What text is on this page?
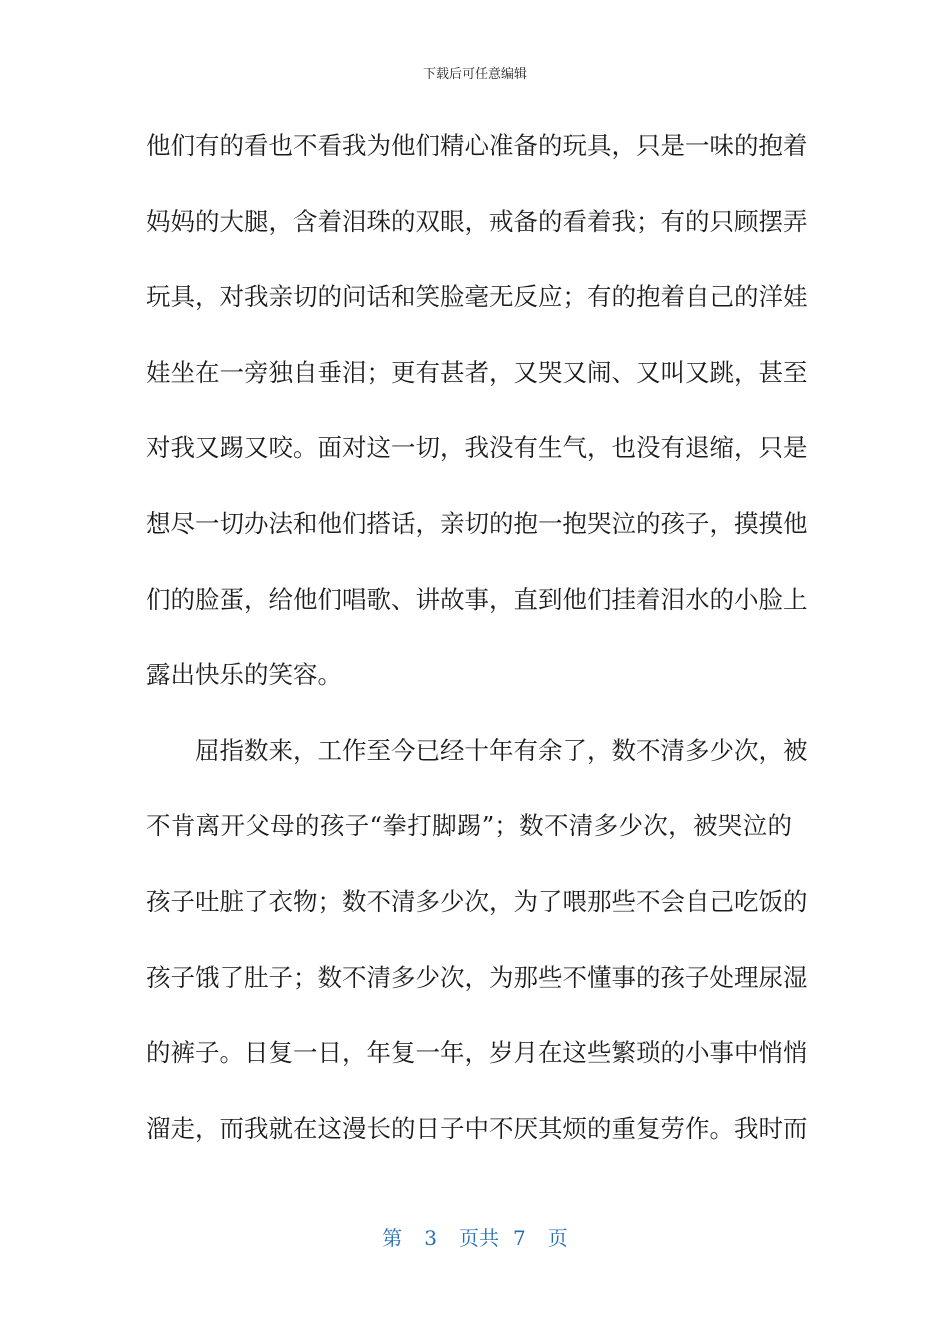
下载后可任意编辑
他们有的看也不看我为他们精心准备的玩具，只是一味的抱着
妈妈的大腿，含着泪珠的双眼，戒备的看着我；有的只顾摆弄
玩具，对我亲切的问话和笑脸毫无反应；有的抱着自己的洋娃
娃坐在一旁独自垂泪；更有甚者，又哭又闹、又叫又跳，甚至
对我又踢又咬。面对这一切，我没有生气，也没有退缩，只是
想尽一切办法和他们搭话，亲切的抱一抱哭泣的孩子，摸摸他
们的脸蛋，给他们唱歌、讲故事，直到他们挂着泪水的小脸上
露出快乐的笑容。
屈指数来，工作至今已经十年有余了，数不清多少次，被
不肯离开父母的孩子“拳打脚踢”；数不清多少次，被哭泣的
孩子吐脏了衣物；数不清多少次，为了喂那些不会自己吃饭的
孩子饿了肚子；数不清多少次，为那些不懂事的孩子处理尿湿
的裤子。日复一日，年复一年，岁月在这些繁琐的小事中悄悄
溜走，而我就在这漫长的日子中不厌其烦的重复劳作。我时而
第 3 页共 7 页
